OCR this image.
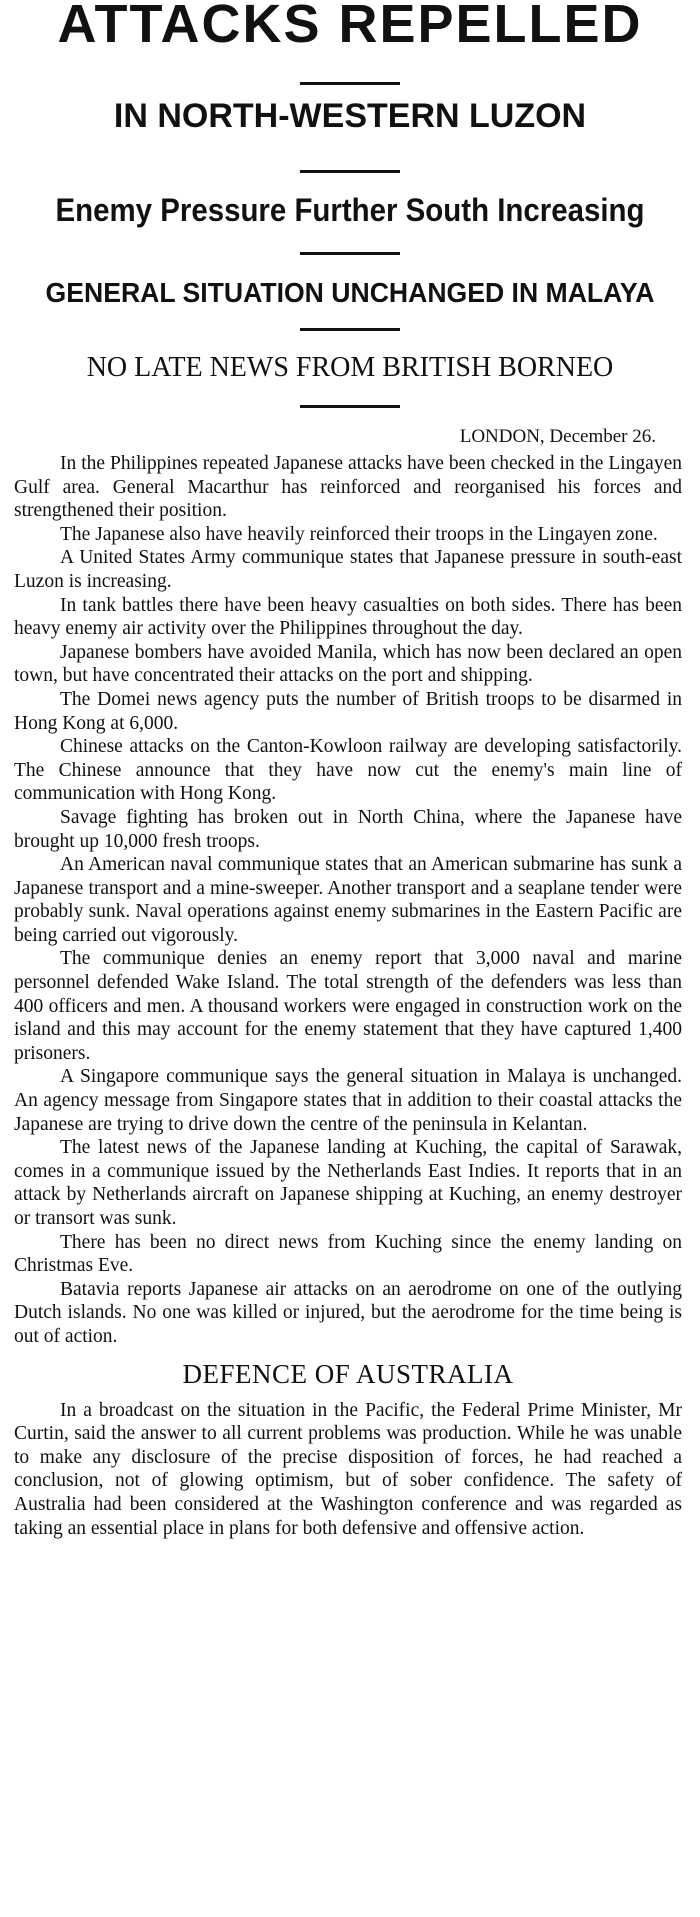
ATTACKS REPELLED
IN NORTH-WESTERN LUZON
Enemy Pressure Further South Increasing
GENERAL SITUATION UNCHANGED IN MALAYA
NO LATE NEWS FROM BRITISH BORNEO

LONDON, December 26.

In the Philippines repeated Japanese attacks have been checked in the Lingayen Gulf area. General Macarthur has reinforced and reorganised his forces and strengthened their position.

The Japanese also have heavily reinforced their troops in the Lingayen zone.

A United States Army communique states that Japanese pressure in south-east Luzon is increasing.

In tank battles there have been heavy casualties on both sides. There has been heavy enemy air activity over the Philippines throughout the day.

Japanese bombers have avoided Manila, which has now been declared an open town, but have concentrated their attacks on the port and shipping.

The Domei news agency puts the number of British troops to be disarmed in Hong Kong at 6,000.

Chinese attacks on the Canton-Kowloon railway are developing satisfactorily. The Chinese announce that they have now cut the enemy's main line of communication with Hong Kong.

Savage fighting has broken out in North China, where the Japanese have brought up 10,000 fresh troops.

An American naval communique states that an American submarine has sunk a Japanese transport and a mine-sweeper. Another transport and a seaplane tender were probably sunk. Naval operations against enemy submarines in the Eastern Pacific are being carried out vigorously.

The communique denies an enemy report that 3,000 naval and marine personnel defended Wake Island. The total strength of the defenders was less than 400 officers and men. A thousand workers were engaged in construction work on the island and this may account for the enemy statement that they have captured 1,400 prisoners.

A Singapore communique says the general situation in Malaya is unchanged. An agency message from Singapore states that in addition to their coastal attacks the Japanese are trying to drive down the centre of the peninsula in Kelantan.

The latest news of the Japanese landing at Kuching, the capital of Sarawak, comes in a communique issued by the Netherlands East Indies. It reports that in an attack by Netherlands aircraft on Japanese shipping at Kuching, an enemy destroyer or transort was sunk.

There has been no direct news from Kuching since the enemy landing on Christmas Eve.

Batavia reports Japanese air attacks on an aerodrome on one of the outlying Dutch islands. No one was killed or injured, but the aerodrome for the time being is out of action.

DEFENCE OF AUSTRALIA

In a broadcast on the situation in the Pacific, the Federal Prime Minister, Mr Curtin, said the answer to all current problems was production. While he was unable to make any disclosure of the precise disposition of forces, he had reached a conclusion, not of glowing optimism, but of sober confidence. The safety of Australia had been considered at the Washington conference and was regarded as taking an essential place in plans for both defensive and offensive action.
